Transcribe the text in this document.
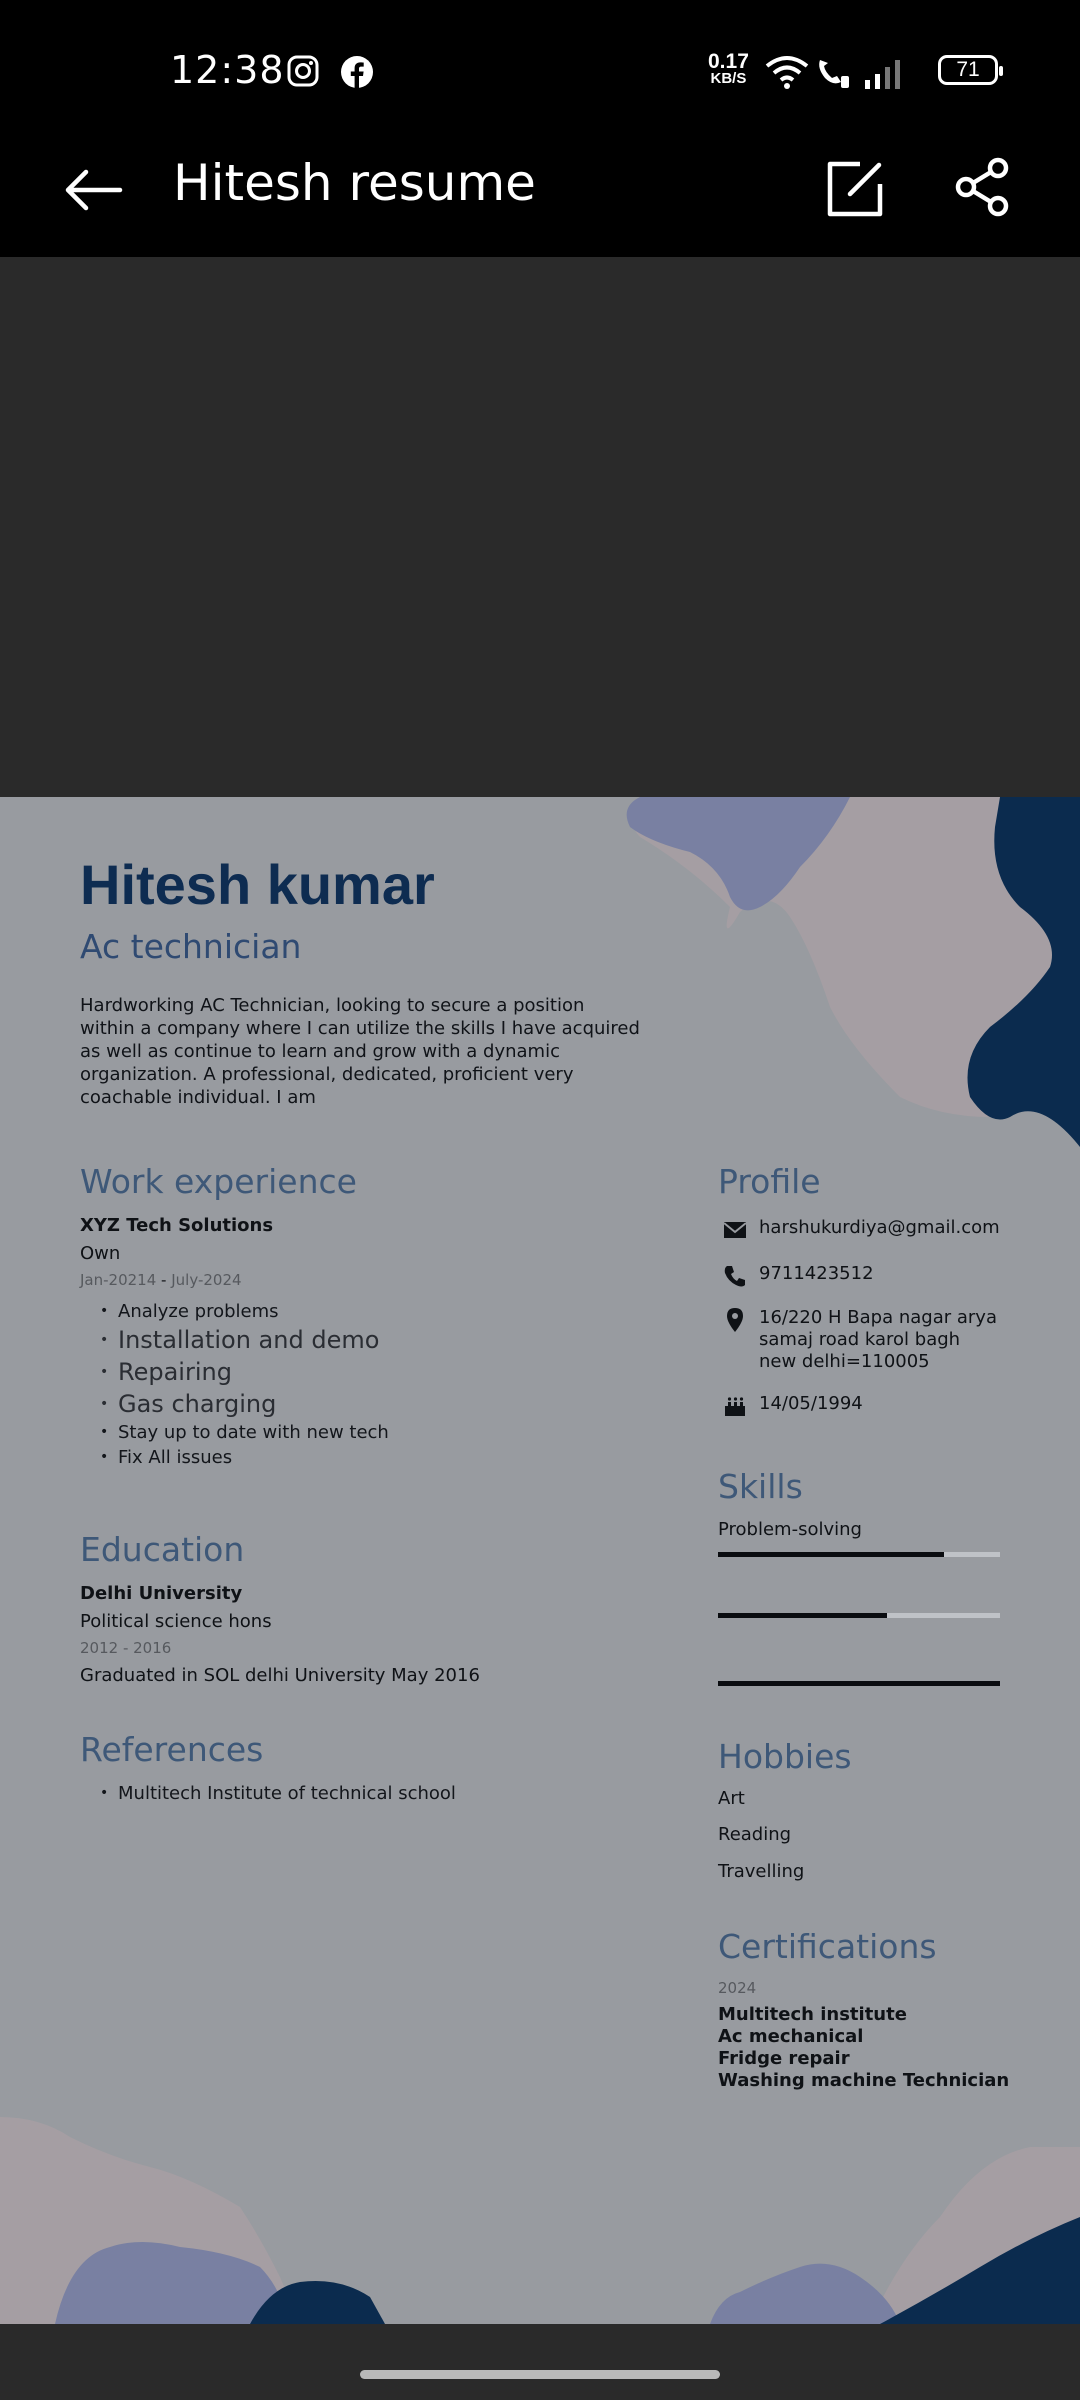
12:38	0.17
KB/S	71
Hitesh resume
Hitesh kumar
Ac technician
Hardworking AC Technician, looking to secure a position within a company where I can utilize the skills I have acquired as well as continue to learn and grow with a dynamic organization. A professional, dedicated, proficient very coachable individual. I am
Work experience
XYZ Tech Solutions
Own
Jan-20214 - July-2024
• Analyze problems
• Installation and demo
• Repairing
• Gas charging
• Stay up to date with new tech
• Fix All issues
Education
Delhi University
Political science hons
2012 - 2016
Graduated in SOL delhi University May 2016
References
• Multitech Institute of technical school
Profile
harshukurdiya@gmail.com
9711423512
16/220 H Bapa nagar arya samaj road karol bagh new delhi=110005
14/05/1994
Skills
Problem-solving
Hobbies
Art
Reading
Travelling
Certifications
2024
Multitech institute
Ac mechanical
Fridge repair
Washing machine Technician
